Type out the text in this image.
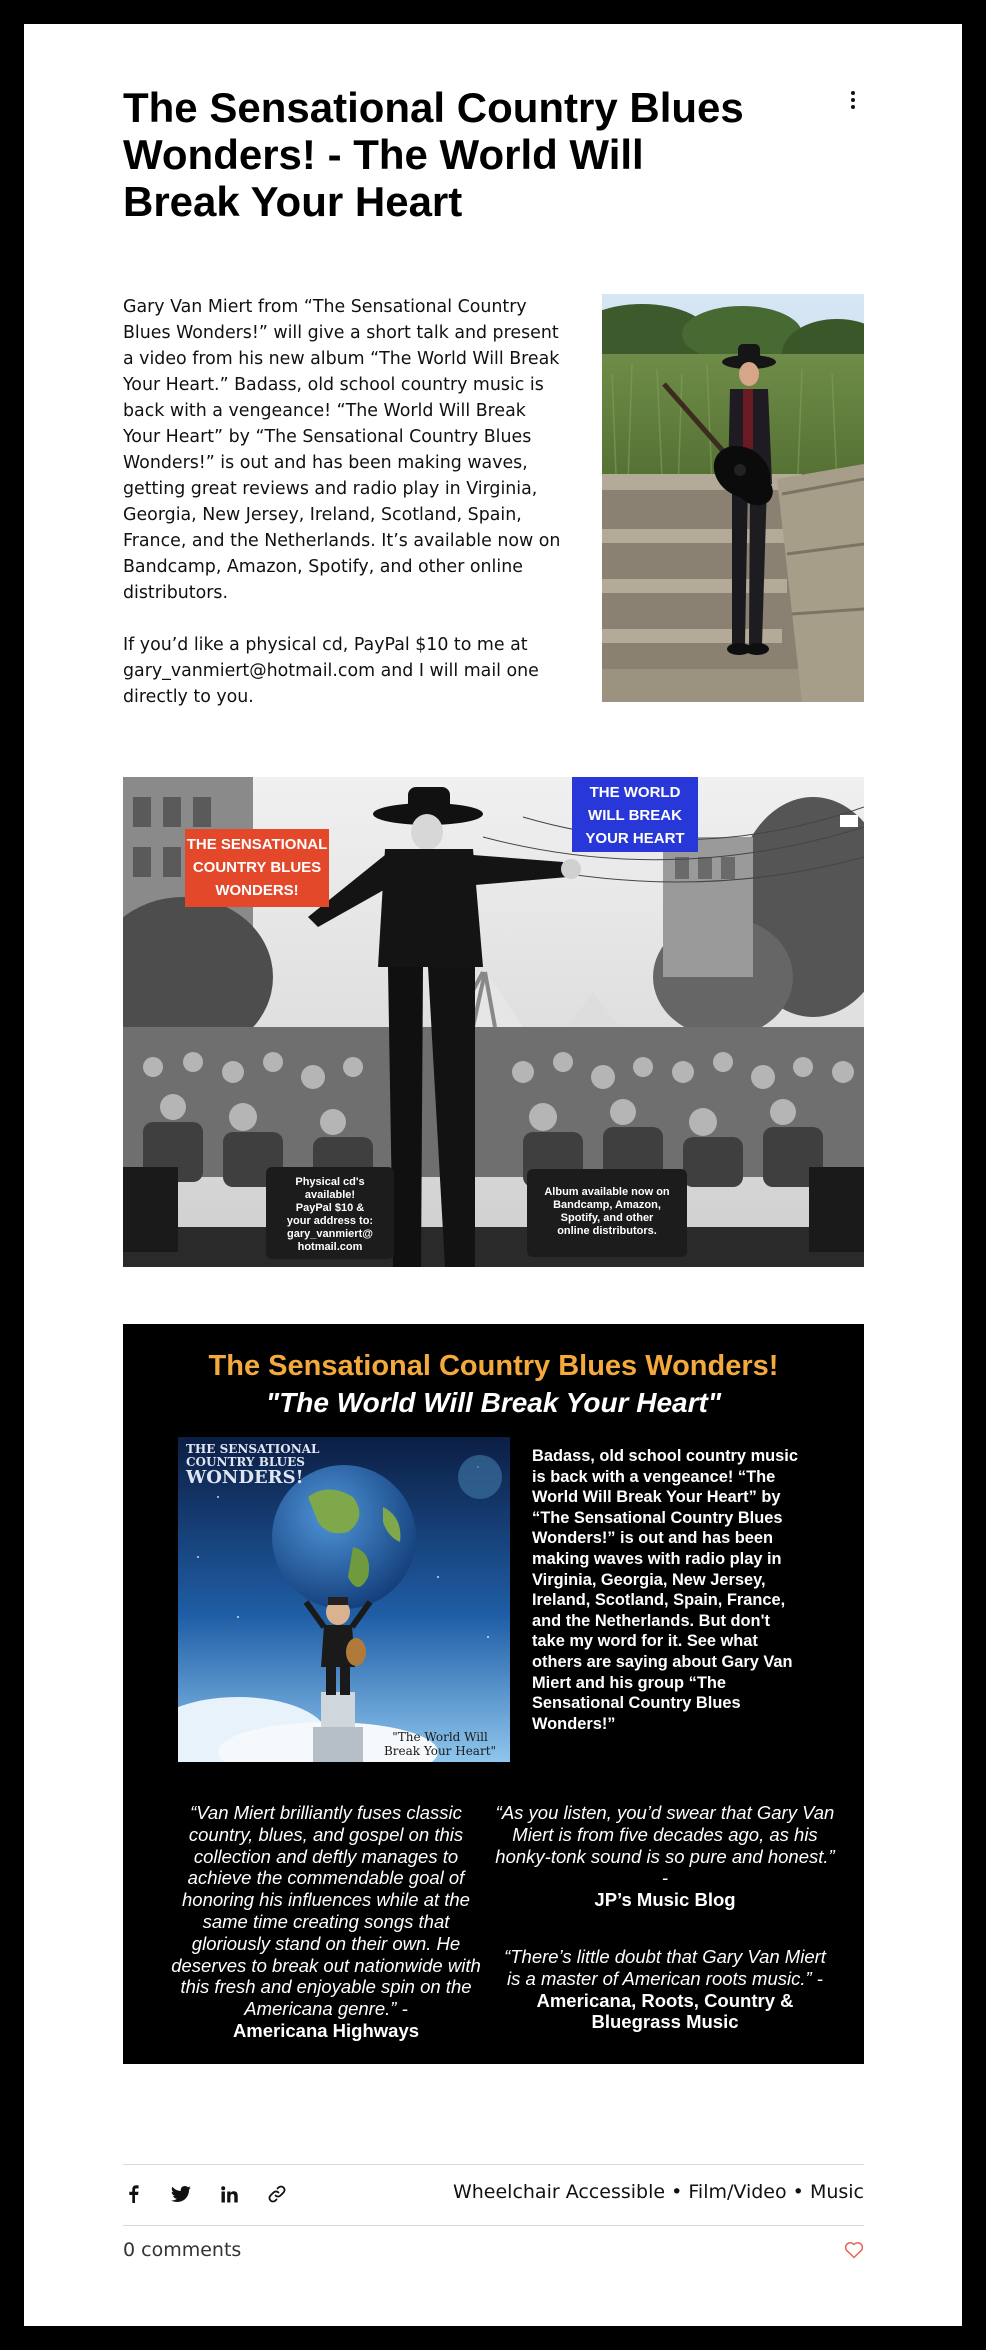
The Sensational Country Blues Wonders! - The World Will Break Your Heart

Gary Van Miert from “The Sensational Country Blues Wonders!” will give a short talk and present a video from his new album “The World Will Break Your Heart.” Badass, old school country music is back with a vengeance! “The World Will Break Your Heart” by “The Sensational Country Blues Wonders!” is out and has been making waves, getting great reviews and radio play in Virginia, Georgia, New Jersey, Ireland, Scotland, Spain, France, and the Netherlands. It’s available now on Bandcamp, Amazon, Spotify, and other online distributors.

If you’d like a physical cd, PayPal $10 to me at gary_vanmiert@hotmail.com and I will mail one directly to you.

THE SENSATIONAL
COUNTRY BLUES
WONDERS!
THE WORLD
WILL BREAK
YOUR HEART
Physical cd's
available!
PayPal $10 &
your address to:
gary_vanmiert@
hotmail.com
Album available now on
Bandcamp, Amazon,
Spotify, and other
online distributors.
The Sensational Country Blues Wonders!
"The World Will Break Your Heart"
THE SENSATIONAL
COUNTRY BLUES
WONDERS!
"The World Will
Break Your Heart"
Badass, old school country music is back with a vengeance! “The World Will Break Your Heart” by “The Sensational Country Blues Wonders!” is out and has been making waves with radio play in Virginia, Georgia, New Jersey, Ireland, Scotland, Spain, France, and the Netherlands. But don't take my word for it. See what others are saying about Gary Van Miert and his group “The Sensational Country Blues Wonders!”
“Van Miert brilliantly fuses classic country, blues, and gospel on this collection and deftly manages to achieve the commendable goal of honoring his influences while at the same time creating songs that gloriously stand on their own. He deserves to break out nationwide with this fresh and enjoyable spin on the Americana genre.” -
Americana Highways
“As you listen, you’d swear that Gary Van Miert is from five decades ago, as his honky-tonk sound is so pure and honest.” -
JP’s Music Blog
“There’s little doubt that Gary Van Miert is a master of American roots music.” -
Americana, Roots, Country & Bluegrass Music
Wheelchair Accessible • Film/Video • Music
0 comments
